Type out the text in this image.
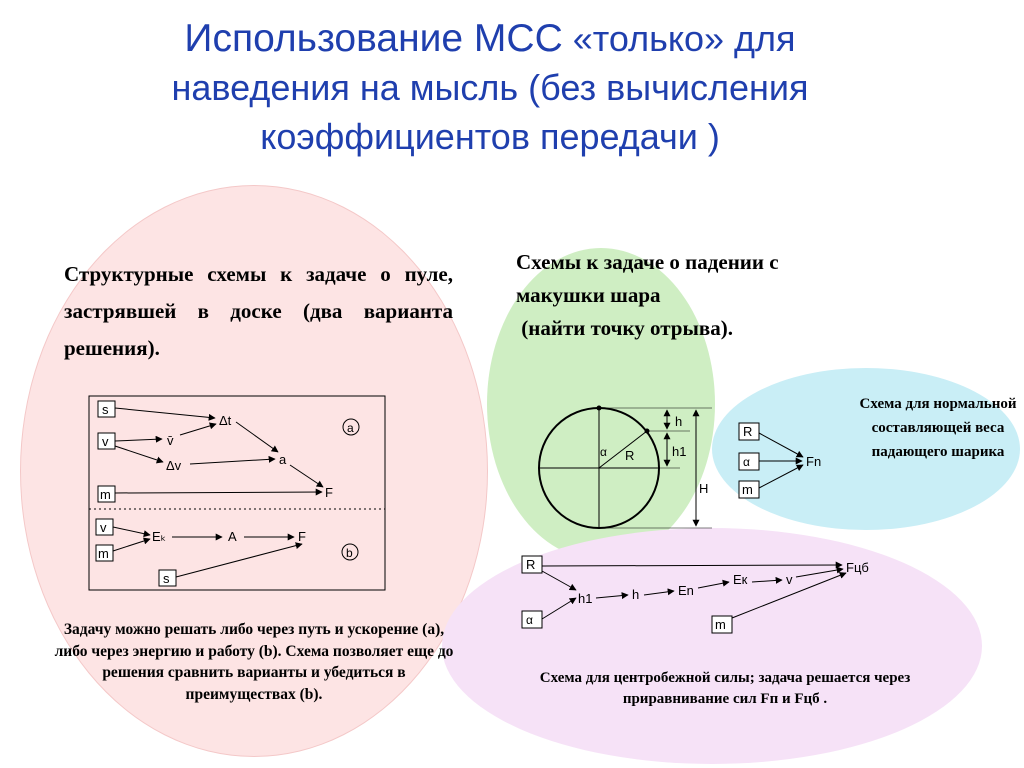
Использование МСС «только» для
наведения на мысль (без вычисления
коэффициентов передачи )
Структурные схемы к задаче о пуле, застрявшей в доске (два варианта решения).
Схемы к задаче о падении с
макушки шара
(найти точку отрыва).
s
v
m
Δt
v̄
Δv	a
F
a
v
m
s
Eₖ	A	F
b
α R
h
h1
H
R
α
m
Fn
R
α	m
h1	h	En
Eк	v
Fцб
Задачу можно решать либо через путь и ускорение (a), либо через энергию и работу (b). Схема позволяет еще до решения сравнить варианты и убедиться в преимуществах (b).
Схема для нормальной составляющей веса падающего шарика
Схема для центробежной силы; задача решается через
приравнивание сил Fп и Fцб .
